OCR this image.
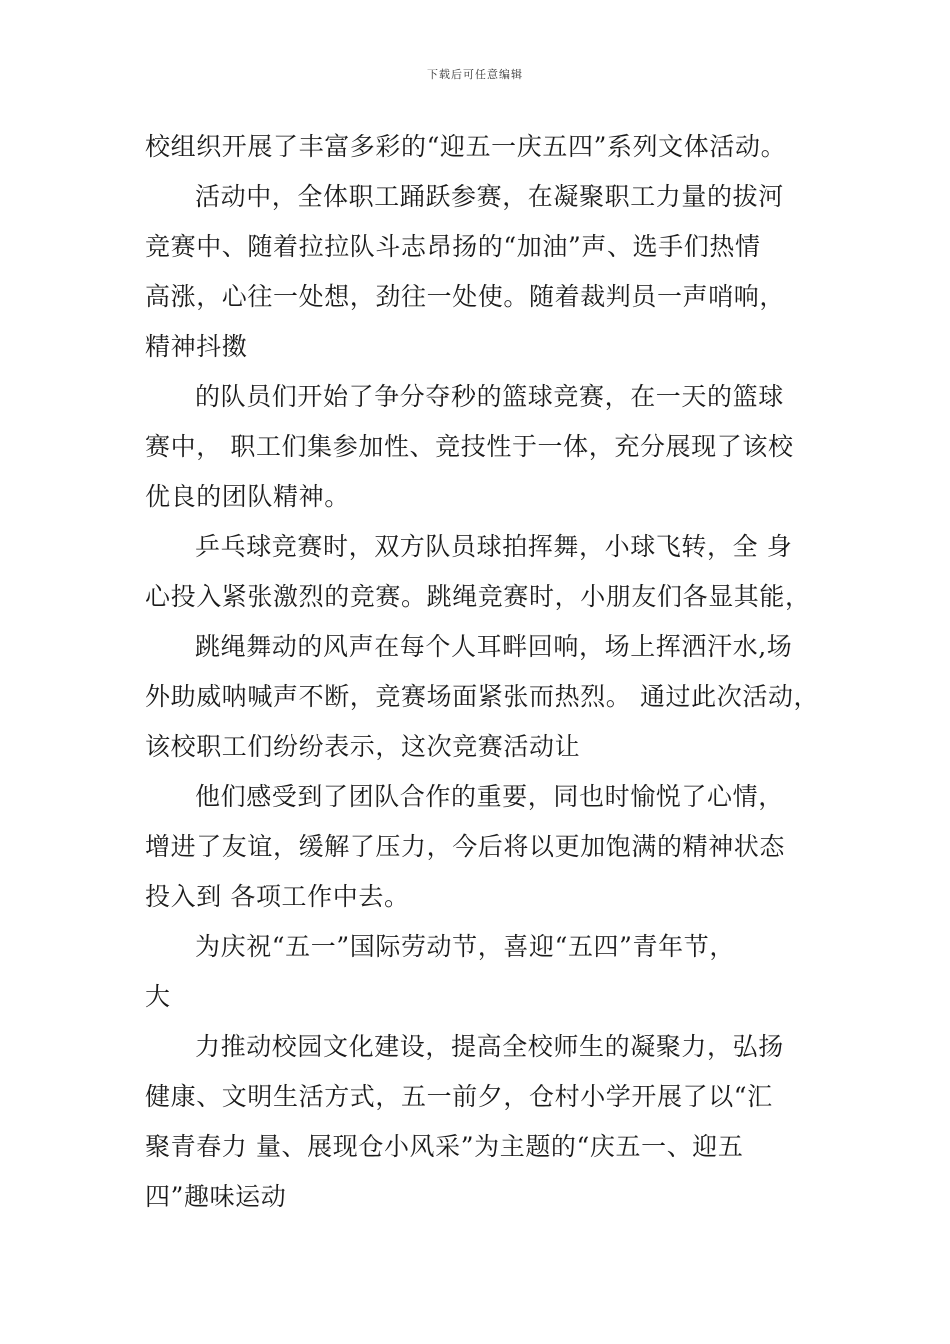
下载后可任意编辑
校组织开展了丰富多彩的“迎五一庆五四”系列文体活动。
活动中，全体职工踊跃参赛，在凝聚职工力量的拔河
竞赛中、随着拉拉队斗志昂扬的“加油”声、选手们热情
高涨，心往一处想，劲往一处使。随着裁判员一声哨响，
精神抖擞
的队员们开始了争分夺秒的篮球竞赛，在一天的篮球
赛中， 职工们集参加性、竞技性于一体，充分展现了该校
优良的团队精神。
乒乓球竞赛时，双方队员球拍挥舞，小球飞转，全 身
心投入紧张激烈的竞赛。跳绳竞赛时，小朋友们各显其能，
跳绳舞动的风声在每个人耳畔回响，场上挥洒汗水,场
外助威呐喊声不断，竞赛场面紧张而热烈。 通过此次活动，
该校职工们纷纷表示，这次竞赛活动让
他们感受到了团队合作的重要，同也时愉悦了心情，
增进了友谊，缓解了压力，今后将以更加饱满的精神状态
投入到 各项工作中去。
为庆祝“五一”国际劳动节，喜迎“五四”青年节，
大
力推动校园文化建设，提高全校师生的凝聚力，弘扬
健康、文明生活方式，五一前夕，仓村小学开展了以“汇
聚青春力 量、展现仓小风采”为主题的“庆五一、迎五
四”趣味运动
